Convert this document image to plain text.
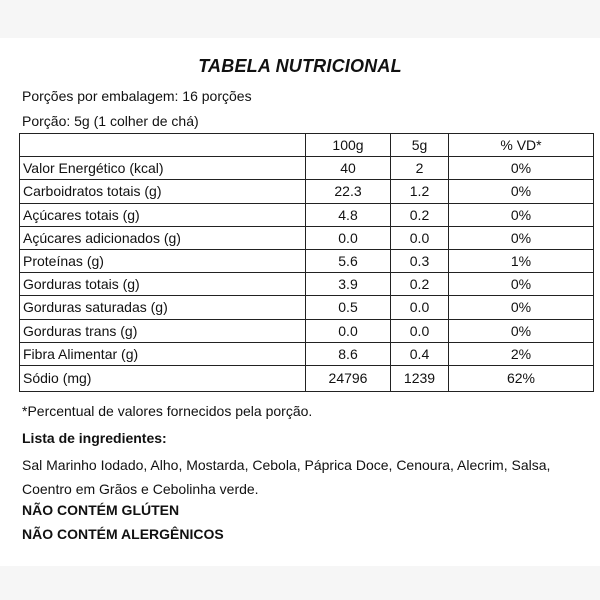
TABELA NUTRICIONAL
Porções por embalagem: 16 porções
Porção: 5g (1 colher de chá)
	100g	5g	% VD*
Valor Energético (kcal)	40	2	0%
Carboidratos totais (g)	22.3	1.2	0%
Açúcares totais (g)	4.8	0.2	0%
Açúcares adicionados (g)	0.0	0.0	0%
Proteínas (g)	5.6	0.3	1%
Gorduras totais (g)	3.9	0.2	0%
Gorduras saturadas (g)	0.5	0.0	0%
Gorduras trans (g)	0.0	0.0	0%
Fibra Alimentar (g)	8.6	0.4	2%
Sódio (mg)	24796	1239	62%
*Percentual de valores fornecidos pela porção.
Lista de ingredientes:
Sal Marinho Iodado, Alho, Mostarda, Cebola, Páprica Doce, Cenoura, Alecrim, Salsa, Coentro em Grãos e Cebolinha verde.
NÃO CONTÉM GLÚTEN
NÃO CONTÉM ALERGÊNICOS
